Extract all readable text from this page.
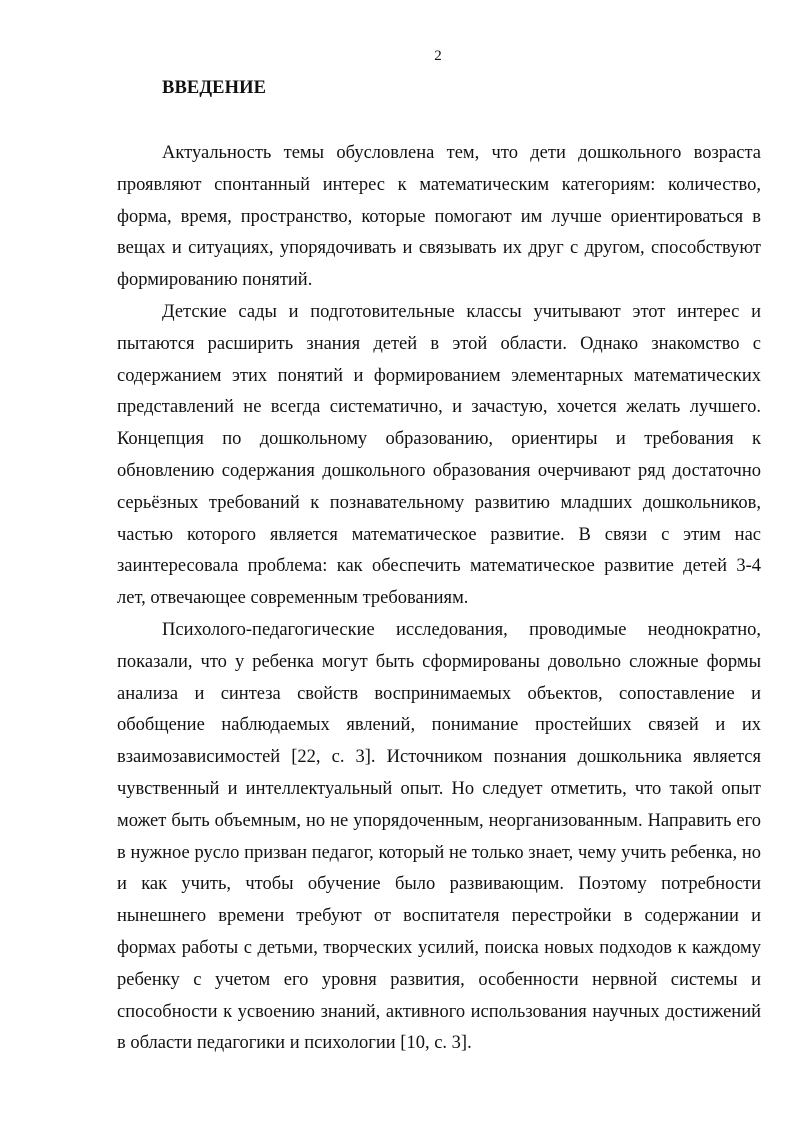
2
ВВЕДЕНИЕ

Актуальность темы обусловлена тем, что дети дошкольного возраста проявляют спонтанный интерес к математическим категориям: количество, форма, время, пространство, которые помогают им лучше ориентироваться в вещах и ситуациях, упорядочивать и связывать их друг с другом, способствуют формированию понятий.

Детские сады и подготовительные классы учитывают этот интерес и пытаются расширить знания детей в этой области. Однако знакомство с содержанием этих понятий и формированием элементарных математических представлений не всегда систематично, и зачастую, хочется желать лучшего. Концепция по дошкольному образованию, ориентиры и требования к обновлению содержания дошкольного образования очерчивают ряд достаточно серьёзных требований к познавательному развитию младших дошкольников, частью которого является математическое развитие. В связи с этим нас заинтересовала проблема: как обеспечить математическое развитие детей 3-4 лет, отвечающее современным требованиям.

Психолого-педагогические исследования, проводимые неоднократно, показали, что у ребенка могут быть сформированы довольно сложные формы анализа и синтеза свойств воспринимаемых объектов, сопоставление и обобщение наблюдаемых явлений, понимание простейших связей и их взаимозависимостей [22, с. 3]. Источником познания дошкольника является чувственный и интеллектуальный опыт. Но следует отметить, что такой опыт может быть объемным, но не упорядоченным, неорганизованным. Направить его в нужное русло призван педагог, который не только знает, чему учить ребенка, но и как учить, чтобы обучение было развивающим. Поэтому потребности нынешнего времени требуют от воспитателя перестройки в содержании и формах работы с детьми, творческих усилий, поиска новых подходов к каждому ребенку с учетом его уровня развития, особенности нервной системы и способности к усвоению знаний, активного использования научных достижений в области педагогики и психологии [10, с. 3].
